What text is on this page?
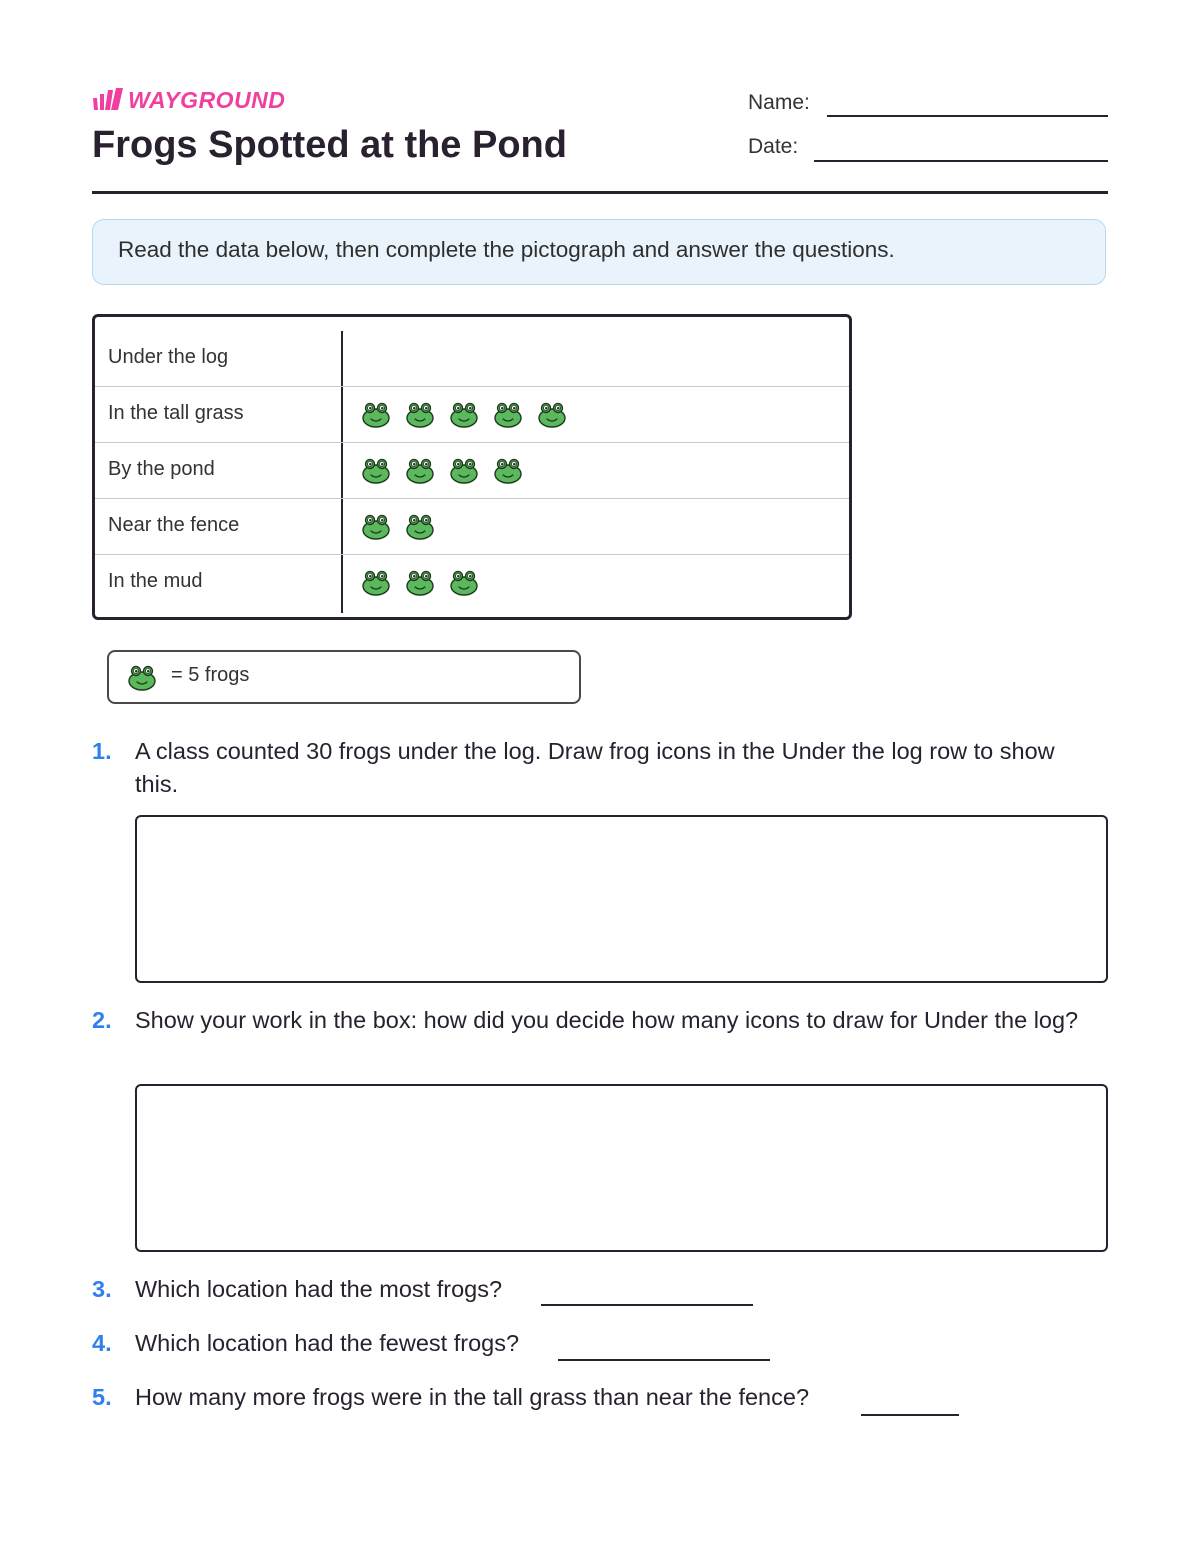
WAYGROUND
Frogs Spotted at the Pond
Name:
Date:
Read the data below, then complete the pictograph and answer the questions.
Under the log
In the tall grass
By the pond
Near the fence
In the mud
= 5 frogs
1. A class counted 30 frogs under the log. Draw frog icons in the Under the log row to show this.
2. Show your work in the box: how did you decide how many icons to draw for Under the log?
3. Which location had the most frogs?
4. Which location had the fewest frogs?
5. How many more frogs were in the tall grass than near the fence?
